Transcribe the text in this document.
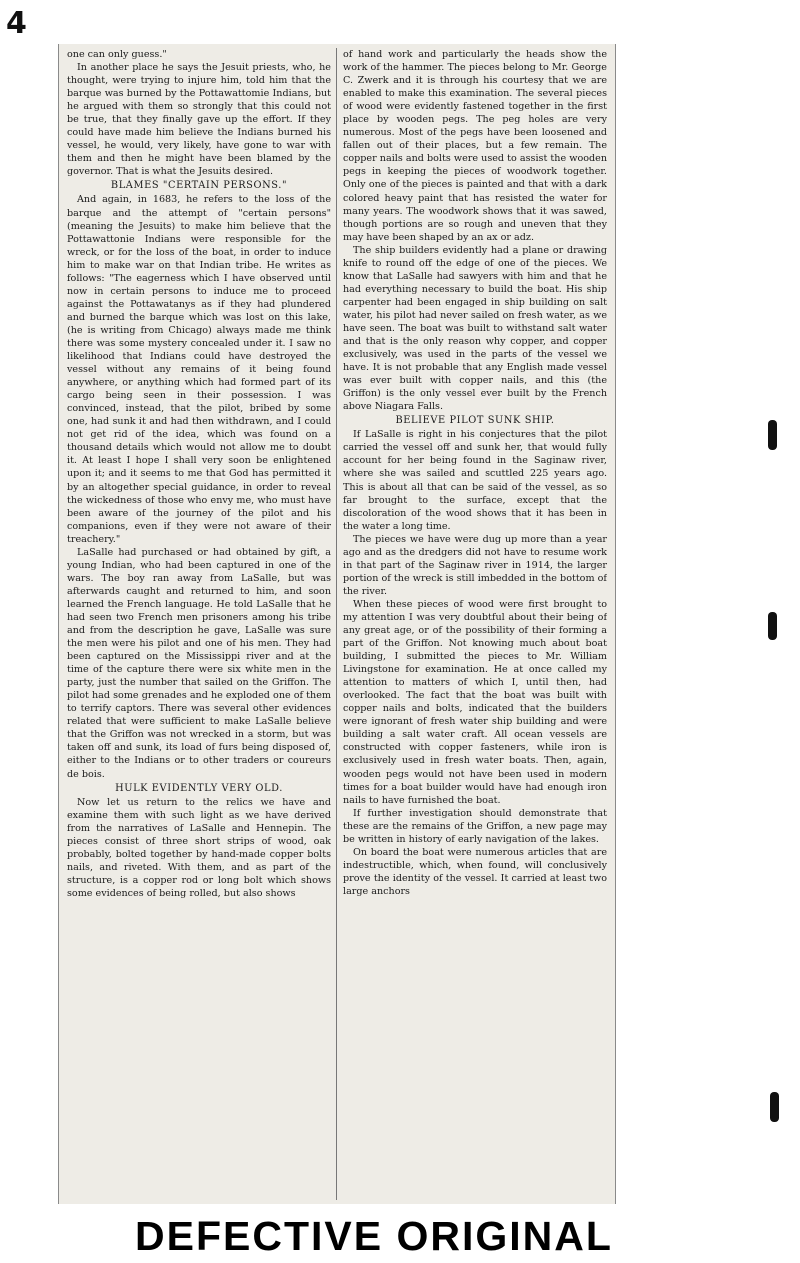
4

one can only guess."

In another place he says the Jesuit priests, who, he thought, were trying to injure him, told him that the barque was burned by the Pottawattomie Indians, but he argued with them so strongly that this could not be true, that they finally gave up the effort. If they could have made him believe the Indians burned his vessel, he would, very likely, have gone to war with them and then he might have been blamed by the governor. That is what the Jesuits desired.

BLAMES "CERTAIN PERSONS."

And again, in 1683, he refers to the loss of the barque and the attempt of "certain persons" (meaning the Jesuits) to make him believe that the Pottawattonie Indians were responsible for the wreck, or for the loss of the boat, in order to induce him to make war on that Indian tribe. He writes as follows: "The eagerness which I have observed until now in certain persons to induce me to proceed against the Pottawatanys as if they had plundered and burned the barque which was lost on this lake, (he is writing from Chicago) always made me think there was some mystery concealed under it. I saw no likelihood that Indians could have destroyed the vessel without any remains of it being found anywhere, or anything which had formed part of its cargo being seen in their possession. I was convinced, instead, that the pilot, bribed by some one, had sunk it and had then withdrawn, and I could not get rid of the idea, which was found on a thousand details which would not allow me to doubt it. At least I hope I shall very soon be enlightened upon it; and it seems to me that God has permitted it by an altogether special guidance, in order to reveal the wickedness of those who envy me, who must have been aware of the journey of the pilot and his companions, even if they were not aware of their treachery."

LaSalle had purchased or had obtained by gift, a young Indian, who had been captured in one of the wars. The boy ran away from LaSalle, but was afterwards caught and returned to him, and soon learned the French language. He told LaSalle that he had seen two French men prisoners among his tribe and from the description he gave, LaSalle was sure the men were his pilot and one of his men. They had been captured on the Mississippi river and at the time of the capture there were six white men in the party, just the number that sailed on the Griffon. The pilot had some grenades and he exploded one of them to terrify captors. There was several other evidences related that were sufficient to make LaSalle believe that the Griffon was not wrecked in a storm, but was taken off and sunk, its load of furs being disposed of, either to the Indians or to other traders or coureurs de bois.

HULK EVIDENTLY VERY OLD.

Now let us return to the relics we have and examine them with such light as we have derived from the narratives of LaSalle and Hennepin. The pieces consist of three short strips of wood, oak probably, bolted together by hand-made copper bolts nails, and riveted. With them, and as part of the structure, is a copper rod or long bolt which shows some evidences of being rolled, but also shows

of hand work and particularly the heads show the work of the hammer. The pieces belong to Mr. George C. Zwerk and it is through his courtesy that we are enabled to make this examination. The several pieces of wood were evidently fastened together in the first place by wooden pegs. The peg holes are very numerous. Most of the pegs have been loosened and fallen out of their places, but a few remain. The copper nails and bolts were used to assist the wooden pegs in keeping the pieces of woodwork together. Only one of the pieces is painted and that with a dark colored heavy paint that has resisted the water for many years. The woodwork shows that it was sawed, though portions are so rough and uneven that they may have been shaped by an ax or adz.

The ship builders evidently had a plane or drawing knife to round off the edge of one of the pieces. We know that LaSalle had sawyers with him and that he had everything necessary to build the boat. His ship carpenter had been engaged in ship building on salt water, his pilot had never sailed on fresh water, as we have seen. The boat was built to withstand salt water and that is the only reason why copper, and copper exclusively, was used in the parts of the vessel we have. It is not probable that any English made vessel was ever built with copper nails, and this (the Griffon) is the only vessel ever built by the French above Niagara Falls.

BELIEVE PILOT SUNK SHIP.

If LaSalle is right in his conjectures that the pilot carried the vessel off and sunk her, that would fully account for her being found in the Saginaw river, where she was sailed and scuttled 225 years ago. This is about all that can be said of the vessel, as so far brought to the surface, except that the discoloration of the wood shows that it has been in the water a long time.

The pieces we have were dug up more than a year ago and as the dredgers did not have to resume work in that part of the Saginaw river in 1914, the larger portion of the wreck is still imbedded in the bottom of the river.

When these pieces of wood were first brought to my attention I was very doubtful about their being of any great age, or of the possibility of their forming a part of the Griffon. Not knowing much about boat building, I submitted the pieces to Mr. William Livingstone for examination. He at once called my attention to matters of which I, until then, had overlooked. The fact that the boat was built with copper nails and bolts, indicated that the builders were ignorant of fresh water ship building and were building a salt water craft. All ocean vessels are constructed with copper fasteners, while iron is exclusively used in fresh water boats. Then, again, wooden pegs would not have been used in modern times for a boat builder would have had enough iron nails to have furnished the boat.

If further investigation should demonstrate that these are the remains of the Griffon, a new page may be written in history of early navigation of the lakes.

On board the boat were numerous articles that are indestructible, which, when found, will conclusively prove the identity of the vessel. It carried at least two large anchors

DEFECTIVE ORIGINAL
